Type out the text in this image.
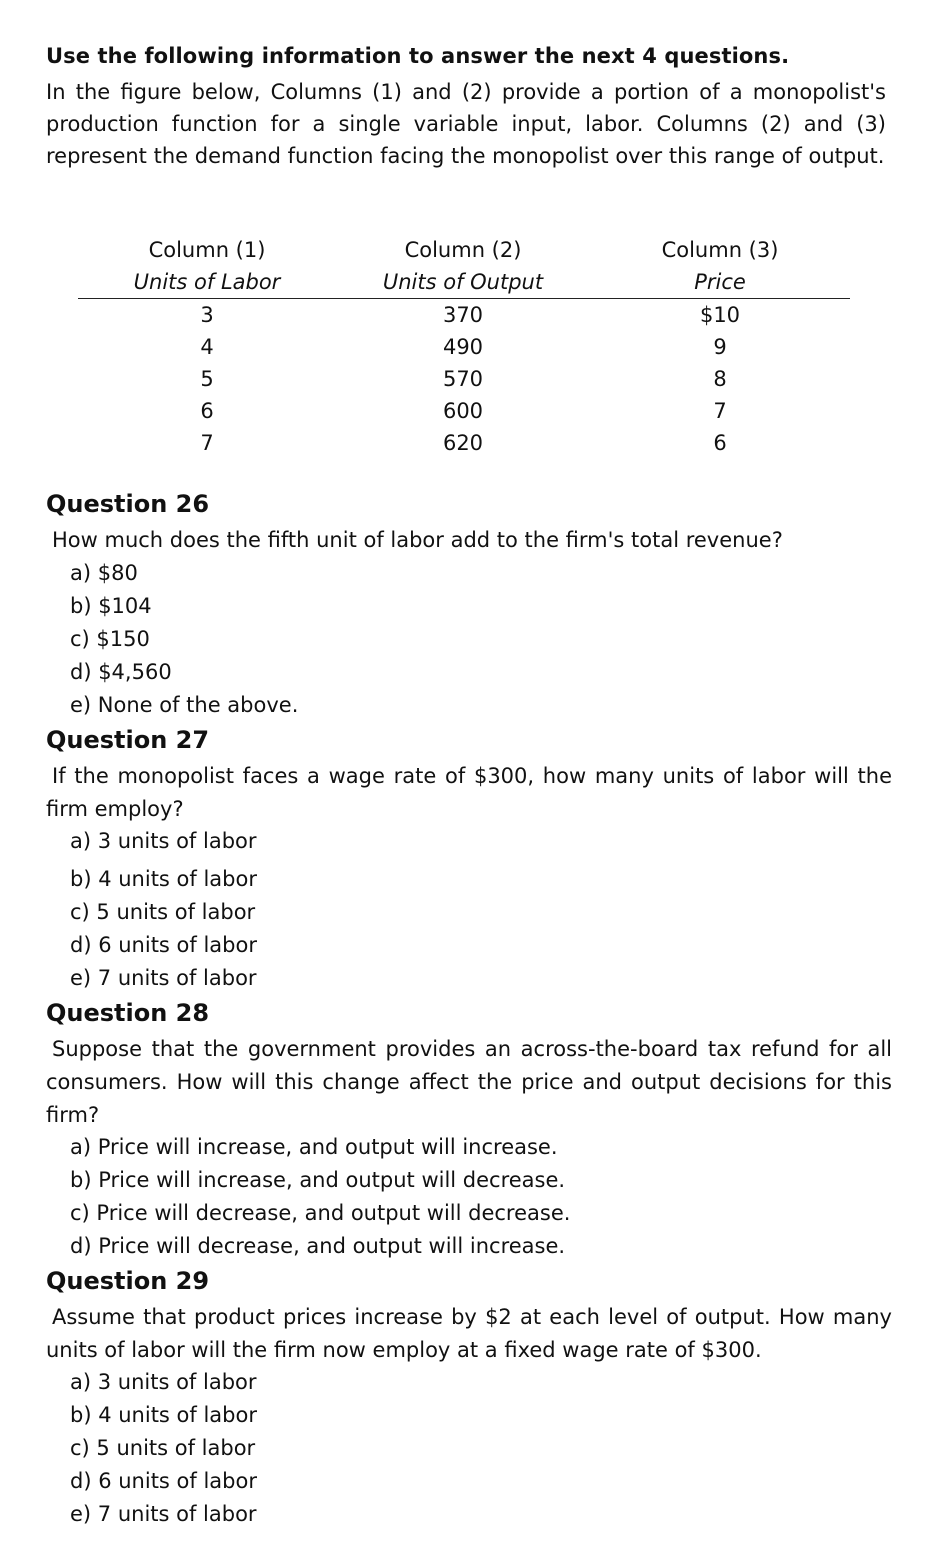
Use the following information to answer the next 4 questions.
In the figure below, Columns (1) and (2) provide a portion of a monopolist's production function for a single variable input, labor. Columns (2) and (3) represent the demand function facing the monopolist over this range of output.
Column (1)	Column (2)	Column (3)
Units of Labor	Units of Output	Price
3	370	$10
4	490	9
5	570	8
6	600	7
7	620	6
Question 26
How much does the fifth unit of labor add to the firm's total revenue?
a) $80
b) $104
c) $150
d) $4,560
e) None of the above.
Question 27
If the monopolist faces a wage rate of $300, how many units of labor will the firm employ?
a) 3 units of labor
b) 4 units of labor
c) 5 units of labor
d) 6 units of labor
e) 7 units of labor
Question 28
Suppose that the government provides an across-the-board tax refund for all consumers. How will this change affect the price and output decisions for this firm?
a) Price will increase, and output will increase.
b) Price will increase, and output will decrease.
c) Price will decrease, and output will decrease.
d) Price will decrease, and output will increase.
Question 29
Assume that product prices increase by $2 at each level of output. How many units of labor will the firm now employ at a fixed wage rate of $300.
a) 3 units of labor
b) 4 units of labor
c) 5 units of labor
d) 6 units of labor
e) 7 units of labor
